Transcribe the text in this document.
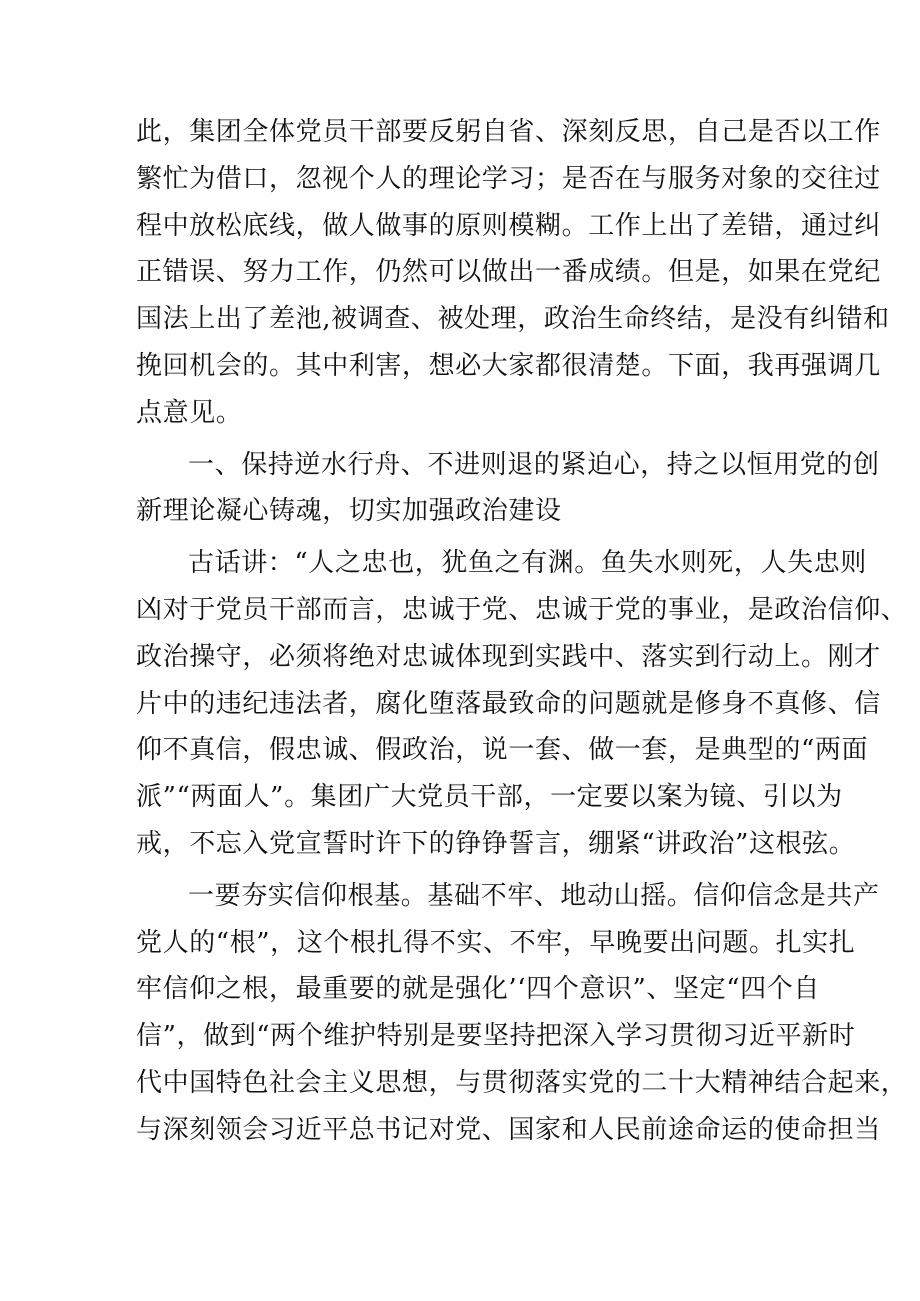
此，集团全体党员干部要反躬自省、深刻反思，自己是否以工作
繁忙为借口，忽视个人的理论学习；是否在与服务对象的交往过
程中放松底线，做人做事的原则模糊。工作上出了差错，通过纠
正错误、努力工作，仍然可以做出一番成绩。但是，如果在党纪
国法上出了差池,被调查、被处理，政治生命终结，是没有纠错和
挽回机会的。其中利害，想必大家都很清楚。下面，我再强调几
点意见。

一、保持逆水行舟、不进则退的紧迫心，持之以恒用党的创
新理论凝心铸魂，切实加强政治建设

古话讲：“人之忠也，犹鱼之有渊。鱼失水则死，人失忠则
凶对于党员干部而言，忠诚于党、忠诚于党的事业，是政治信仰、
政治操守，必须将绝对忠诚体现到实践中、落实到行动上。刚才
片中的违纪违法者，腐化堕落最致命的问题就是修身不真修、信
仰不真信，假忠诚、假政治，说一套、做一套，是典型的“两面
派”“两面人”。集团广大党员干部，一定要以案为镜、引以为
戒，不忘入党宣誓时许下的铮铮誓言，绷紧“讲政治”这根弦。

一要夯实信仰根基。基础不牢、地动山摇。信仰信念是共产
党人的“根”，这个根扎得不实、不牢，早晚要出问题。扎实扎
牢信仰之根，最重要的就是强化’‘四个意识”、坚定“四个自
信”，做到“两个维护特别是要坚持把深入学习贯彻习近平新时
代中国特色社会主义思想，与贯彻落实党的二十大精神结合起来，
与深刻领会习近平总书记对党、国家和人民前途命运的使命担当
